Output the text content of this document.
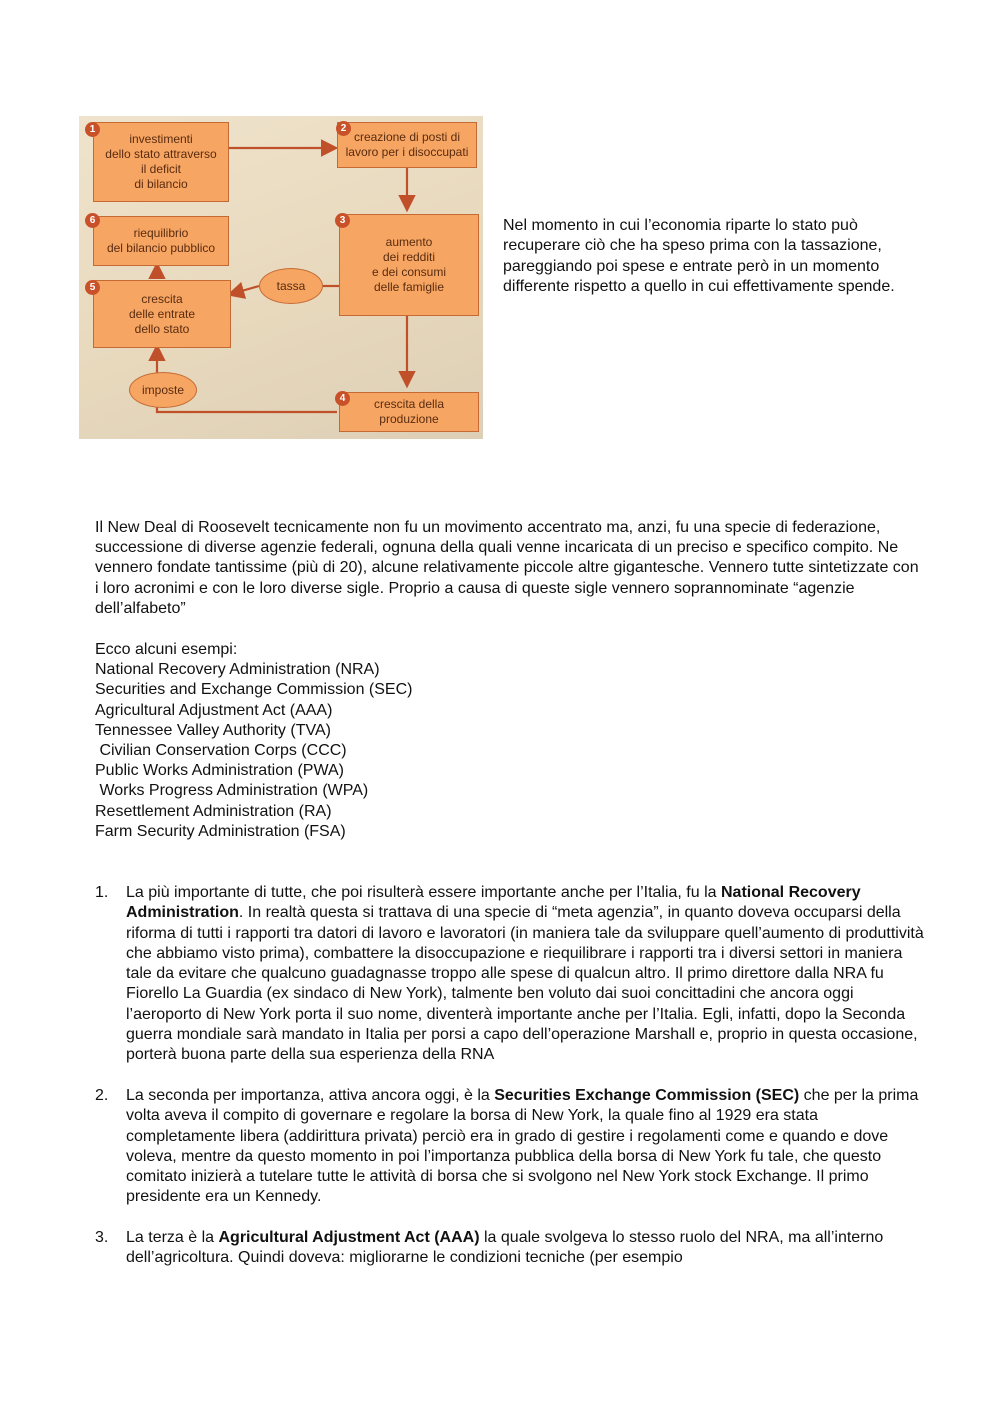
investimenti
dello stato attraverso
il deficit
di bilancio
1
creazione di posti di
lavoro per i disoccupati
2
aumento
dei redditi
e dei consumi
delle famiglie
3
crescita della
produzione
4
crescita
delle entrate
dello stato
5
riequilibrio
del bilancio pubblico
6
tassa
imposte
Nel momento in cui l’economia riparte lo stato può recuperare ciò che ha speso prima con la tassazione, pareggiando poi spese e entrate però in un momento differente rispetto a quello in cui effettivamente spende.
Il New Deal di Roosevelt tecnicamente non fu un movimento accentrato ma, anzi, fu una specie di federazione, successione di diverse agenzie federali, ognuna della quali venne incaricata di un preciso e specifico compito. Ne vennero fondate tantissime (più di 20), alcune relativamente piccole altre gigantesche. Vennero tutte sintetizzate con i loro acronimi e con le loro diverse sigle. Proprio a causa di queste sigle vennero soprannominate “agenzie dell’alfabeto”
Ecco alcuni esempi:
National Recovery Administration (NRA)
Securities and Exchange Commission (SEC)
Agricultural Adjustment Act (AAA)
Tennessee Valley Authority (TVA)
Civilian Conservation Corps (CCC)
Public Works Administration (PWA)
Works Progress Administration (WPA)
Resettlement Administration (RA)
Farm Security Administration (FSA)
1. La più importante di tutte, che poi risulterà essere importante anche per l’Italia, fu la National Recovery Administration. In realtà questa si trattava di una specie di “meta agenzia”, in quanto doveva occuparsi della riforma di tutti i rapporti tra datori di lavoro e lavoratori (in maniera tale da sviluppare quell’aumento di produttività che abbiamo visto prima), combattere la disoccupazione e riequilibrare i rapporti tra i diversi settori in maniera tale da evitare che qualcuno guadagnasse troppo alle spese di qualcun altro. Il primo direttore dalla NRA fu Fiorello La Guardia (ex sindaco di New York), talmente ben voluto dai suoi concittadini che ancora oggi l’aeroporto di New York porta il suo nome, diventerà importante anche per l’Italia. Egli, infatti, dopo la Seconda guerra mondiale sarà mandato in Italia per porsi a capo dell’operazione Marshall e, proprio in questa occasione, porterà buona parte della sua esperienza della RNA
2. La seconda per importanza, attiva ancora oggi, è la Securities Exchange Commission (SEC) che per la prima volta aveva il compito di governare e regolare la borsa di New York, la quale fino al 1929 era stata completamente libera (addirittura privata) perciò era in grado di gestire i regolamenti come e quando e dove voleva, mentre da questo momento in poi l’importanza pubblica della borsa di New York fu tale, che questo comitato inizierà a tutelare tutte le attività di borsa che si svolgono nel New York stock Exchange. Il primo presidente era un Kennedy.
3. La terza è la Agricultural Adjustment Act (AAA) la quale svolgeva lo stesso ruolo del NRA, ma all’interno dell’agricoltura. Quindi doveva: migliorarne le condizioni tecniche (per esempio
